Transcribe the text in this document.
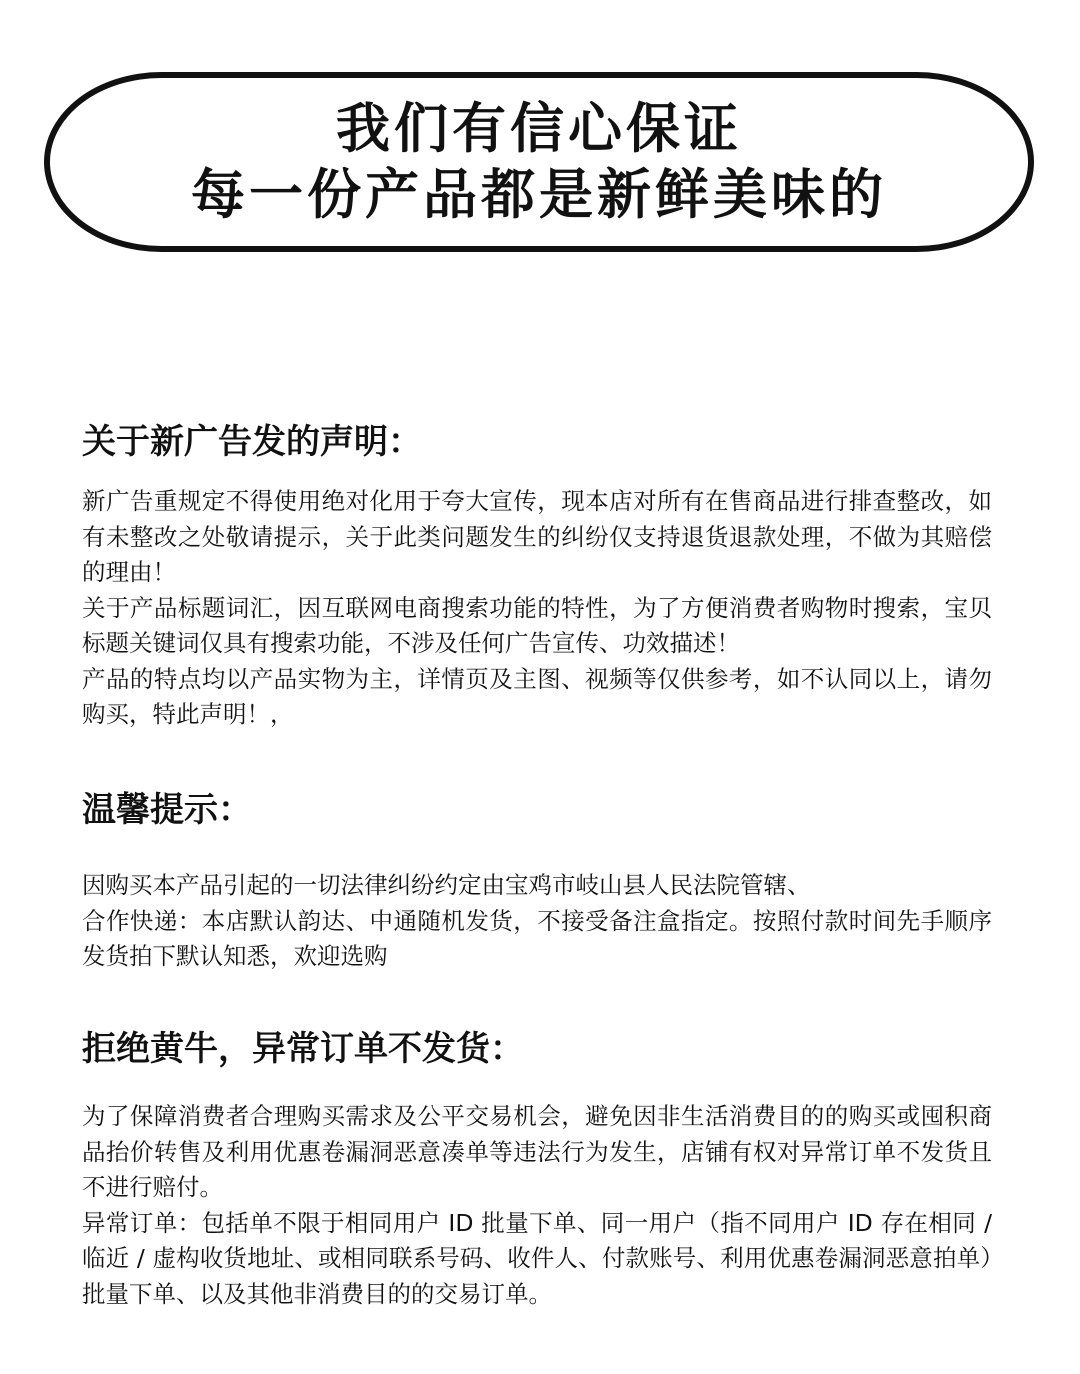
我们有信心保证
每一份产品都是新鲜美味的
关于新广告发的声明：

新广告重规定不得使用绝对化用于夸大宣传，现本店对所有在售商品进行排查整改，如有未整改之处敬请提示，关于此类问题发生的纠纷仅支持退货退款处理，不做为其赔偿的理由！

关于产品标题词汇，因互联网电商搜索功能的特性，为了方便消费者购物时搜索，宝贝标题关键词仅具有搜索功能，不涉及任何广告宣传、功效描述！

产品的特点均以产品实物为主，详情页及主图、视频等仅供参考，如不认同以上，请勿购买，特此声明！，

温馨提示：

因购买本产品引起的一切法律纠纷约定由宝鸡市岐山县人民法院管辖、

合作快递：本店默认韵达、中通随机发货，不接受备注盒指定。按照付款时间先手顺序发货拍下默认知悉，欢迎选购

拒绝黄牛，异常订单不发货：

为了保障消费者合理购买需求及公平交易机会，避免因非生活消费目的的购买或囤积商品抬价转售及利用优惠卷漏洞恶意凑单等违法行为发生，店铺有权对异常订单不发货且不进行赔付。

异常订单：包括单不限于相同用户 ID 批量下单、同一用户（指不同用户 ID 存在相同 / 临近 / 虚构收货地址、或相同联系号码、收件人、付款账号、利用优惠卷漏洞恶意拍单）批量下单、以及其他非消费目的的交易订单。
